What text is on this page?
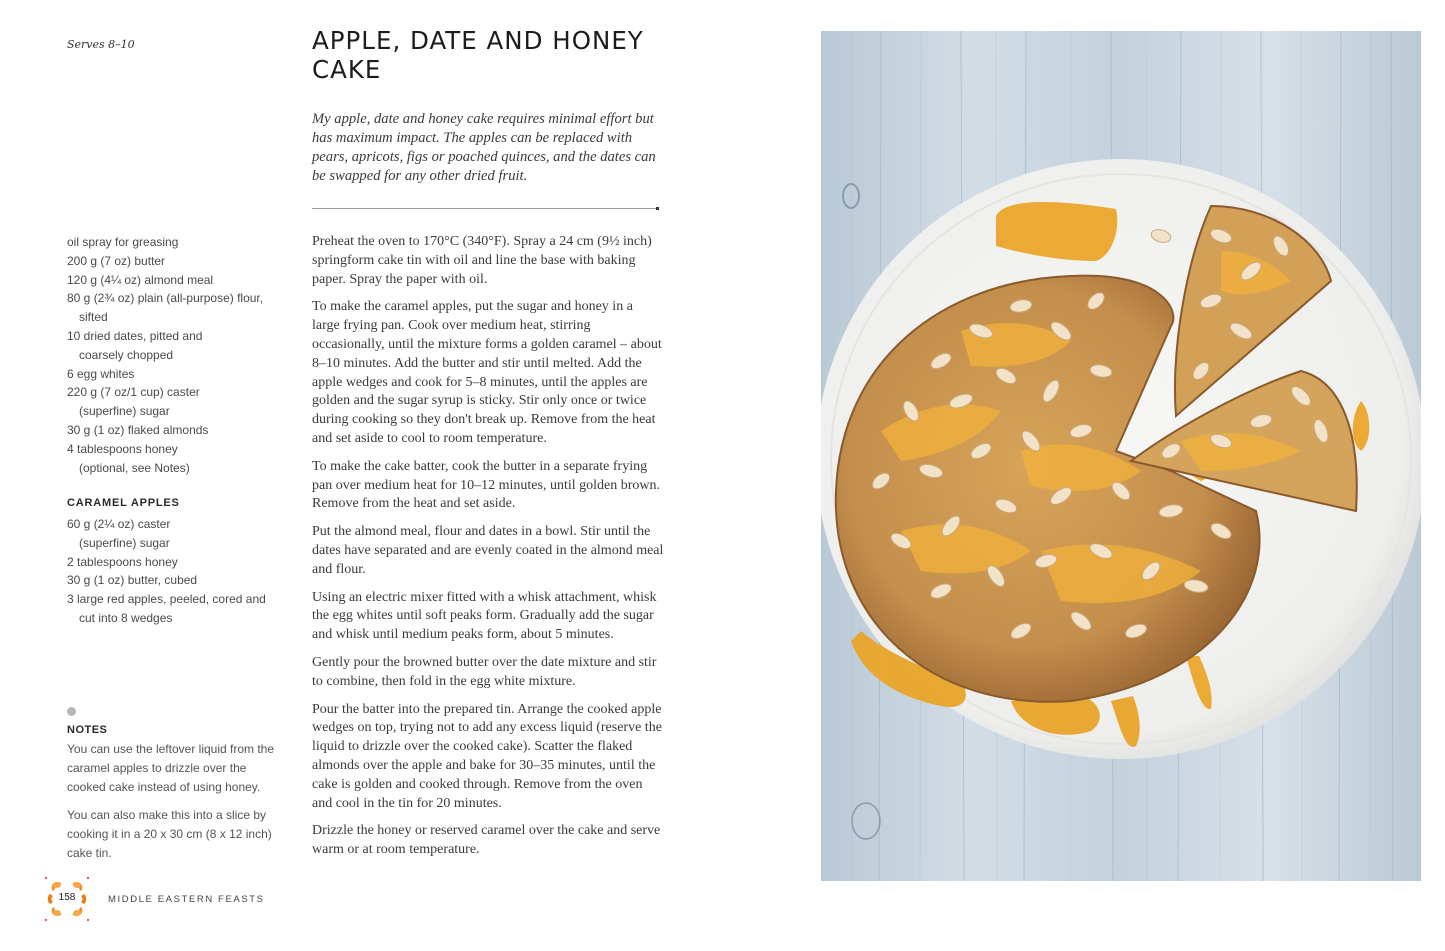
Serves 8–10	APPLE, DATE AND HONEY CAKE

My apple, date and honey cake requires minimal effort but has maximum impact. The apples can be replaced with pears, apricots, figs or poached quinces, and the dates can be swapped for any other dried fruit.

oil spray for greasing
200 g (7 oz) butter
120 g (4¼ oz) almond meal
80 g (2¾ oz) plain (all-purpose) flour, sifted
10 dried dates, pitted and coarsely chopped
6 egg whites
220 g (7 oz/1 cup) caster (superfine) sugar
30 g (1 oz) flaked almonds
4 tablespoons honey (optional, see Notes)
CARAMEL APPLES
60 g (2¼ oz) caster (superfine) sugar
2 tablespoons honey
30 g (1 oz) butter, cubed
3 large red apples, peeled, cored and cut into 8 wedges
NOTES

You can use the leftover liquid from the caramel apples to drizzle over the cooked cake instead of using honey.

You can also make this into a slice by cooking it in a 20 x 30 cm (8 x 12 inch) cake tin.

Preheat the oven to 170°C (340°F). Spray a 24 cm (9½ inch) springform cake tin with oil and line the base with baking paper. Spray the paper with oil.

To make the caramel apples, put the sugar and honey in a large frying pan. Cook over medium heat, stirring occasionally, until the mixture forms a golden caramel – about 8–10 minutes. Add the butter and stir until melted. Add the apple wedges and cook for 5–8 minutes, until the apples are golden and the sugar syrup is sticky. Stir only once or twice during cooking so they don't break up. Remove from the heat and set aside to cool to room temperature.

To make the cake batter, cook the butter in a separate frying pan over medium heat for 10–12 minutes, until golden brown. Remove from the heat and set aside.

Put the almond meal, flour and dates in a bowl. Stir until the dates have separated and are evenly coated in the almond meal and flour.

Using an electric mixer fitted with a whisk attachment, whisk the egg whites until soft peaks form. Gradually add the sugar and whisk until medium peaks form, about 5 minutes.

Gently pour the browned butter over the date mixture and stir to combine, then fold in the egg white mixture.

Pour the batter into the prepared tin. Arrange the cooked apple wedges on top, trying not to add any excess liquid (reserve the liquid to drizzle over the cooked cake). Scatter the flaked almonds over the apple and bake for 30–35 minutes, until the cake is golden and cooked through. Remove from the oven and cool in the tin for 20 minutes.

Drizzle the honey or reserved caramel over the cake and serve warm or at room temperature.

158	MIDDLE EASTERN FEASTS
